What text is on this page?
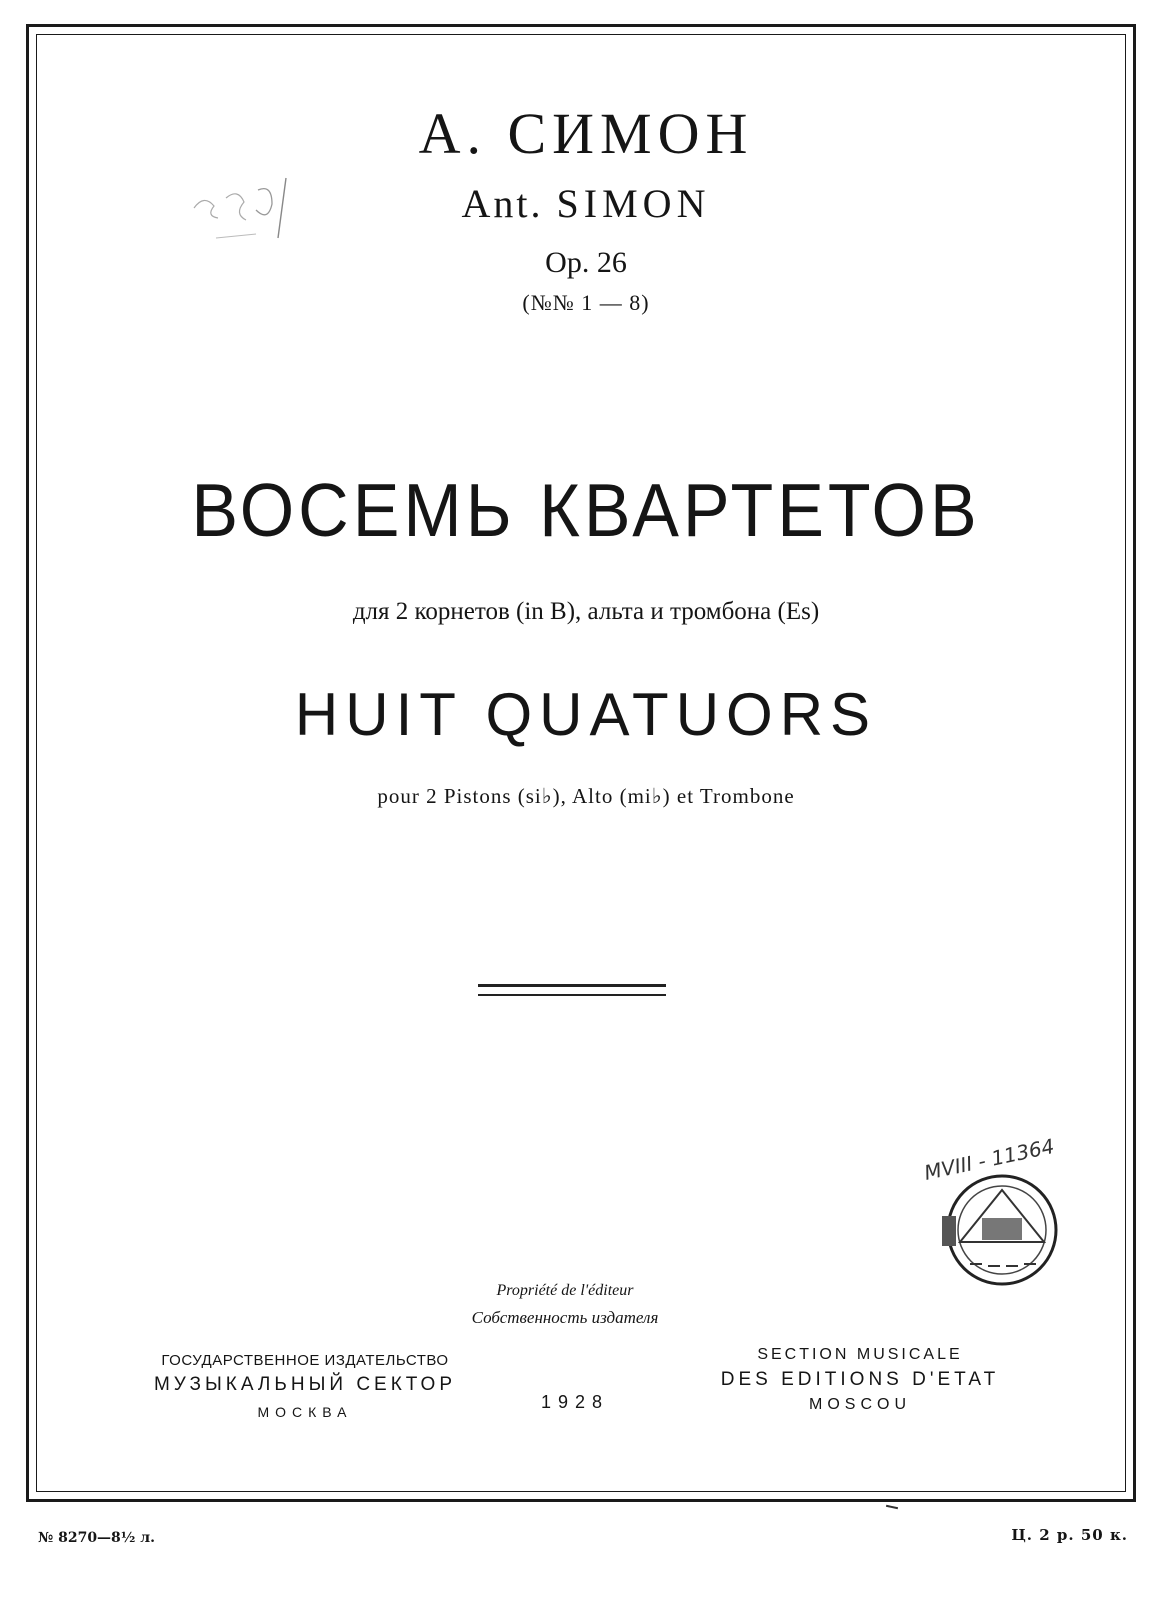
А. СИМОН
Ant. SIMON
Op. 26
(№№ 1 — 8)
ВОСЕМЬ КВАРТЕТОВ
для 2 корнетов (in B), альта и тромбона (Es)
HUIT QUATUORS
pour 2 Pistons (si♭), Alto (mi♭) et Trombone
MVIII - 11364
Propriété de l'éditeur
Собственность издателя
ГОСУДАРСТВЕННОЕ ИЗДАТЕЛЬСТВО
МУЗЫКАЛЬНЫЙ СЕКТОР
МОСКВА	1928
SECTION MUSICALE
DES EDITIONS D'ETAT
MOSCOU
№ 8270—8½ л.	Ц. 2 р. 50 к.
